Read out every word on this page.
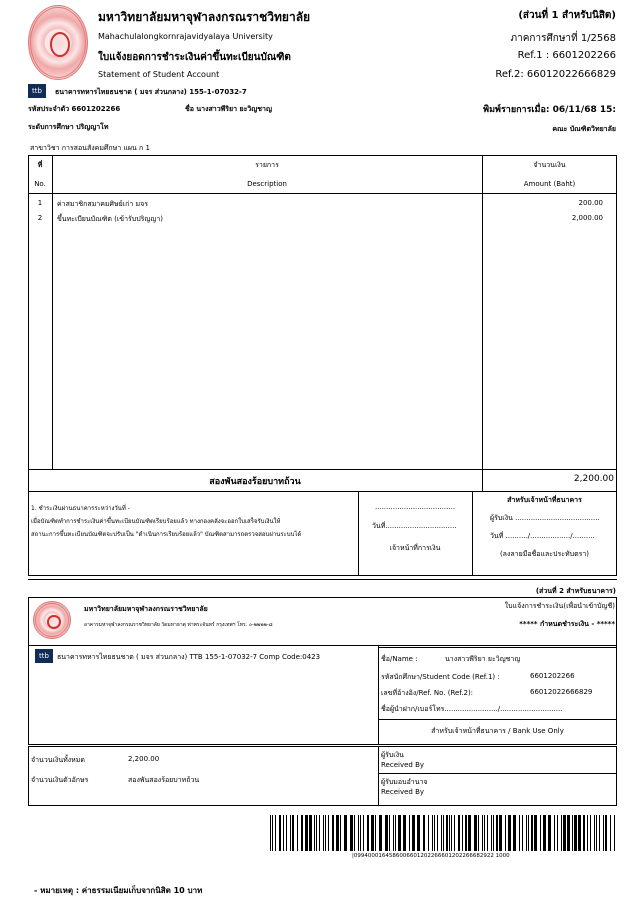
มหาวิทยาลัยมหาจุฬาลงกรณราชวิทยาลัย
Mahachulalongkornrajavidyalaya University
ใบแจ้งยอดการชำระเงินค่าขึ้นทะเบียนบัณฑิต
Statement of Student Account
(ส่วนที่ 1 สำหรับนิสิต)
ภาคการศึกษาที่ 1/2568
Ref.1 : 6601202266
Ref.2: 66012022666829
ttb	ธนาคารทหารไทยธนชาต ( มจร ส่วนกลาง) 155-1-07032-7
รหัสประจำตัว 6601202266	ชื่อ นางสาวพีริยา ยะวิญชาญ	พิมพ์รายการเมื่อ: 06/11/68 15:
ระดับการศึกษา ปริญญาโท	คณะ บัณฑิตวิทยาลัย
สาขาวิชา การสอนสังคมศึกษา แผน ก 1
ที่
No.
รายการ
Description
จำนวนเงิน
Amount (Baht)
1	ค่าสมาชิกสมาคมศิษย์เก่า มจร	200.00
2	ขึ้นทะเบียนบัณฑิต (เข้ารับปริญญา)	2,000.00
สองพันสองร้อยบาทถ้วน	2,200.00
1. ชำระเงินผ่านธนาคารระหว่างวันที่ -
เมื่อบัณฑิตทำการชำระเงินค่าขึ้นทะเบียนบัณฑิตเรียบร้อยแล้ว ทางกองคลังจะออกใบเสร็จรับเงินให้
สถานะการขึ้นทะเบียนบัณฑิตจะปรับเป็น "ดำเนินการเรียบร้อยแล้ว" บัณฑิตสามารถตรวจสอบผ่านระบบได้
....................................
วันที่................................
เจ้าหน้าที่การเงิน
สำหรับเจ้าหน้าที่ธนาคาร
ผู้รับเงิน ......................................
วันที่ ........../................../..........
(ลงลายมือชื่อและประทับตรา)
(ส่วนที่ 2 สำหรับธนาคาร)
มหาวิทยาลัยมหาจุฬาลงกรณราชวิทยาลัย
อาคารมหาจุฬาลงกรณราชวิทยาลัย วัดมหาธาตุ ท่าพระจันทร์ กรุงเทพฯ โทร. ๐-๒๒๒๒-๘
ใบแจ้งการชำระเงิน(เพื่อนำเข้าบัญชี)
***** กำหนดชำระเงิน - *****
ttb	ธนาคารทหารไทยธนชาต ( มจร ส่วนกลาง) TTB 155-1-07032-7 Comp Code:0423	ชื่อ/Name :	นางสาวพีริยา ยะวิญชาญ
รหัสนักศึกษา/Student Code (Ref.1) :	6601202266
เลขที่อ้างอิง/Ref. No. (Ref.2):	66012022666829
ชื่อผู้นำฝาก/เบอร์โทร......................../............................
สำหรับเจ้าหน้าที่ธนาคาร / Bank Use Only
จำนวนเงินทั้งหมด	2,200.00
จำนวนเงินตัวอักษร	สองพันสองร้อยบาทถ้วน
ผู้รับเงิน
Received By
ผู้รับมอบอำนาจ
Received By
|0994000164586006601202266601202266682922 1000
- หมายเหตุ : ค่าธรรมเนียมเก็บจากนิสิต 10 บาท
